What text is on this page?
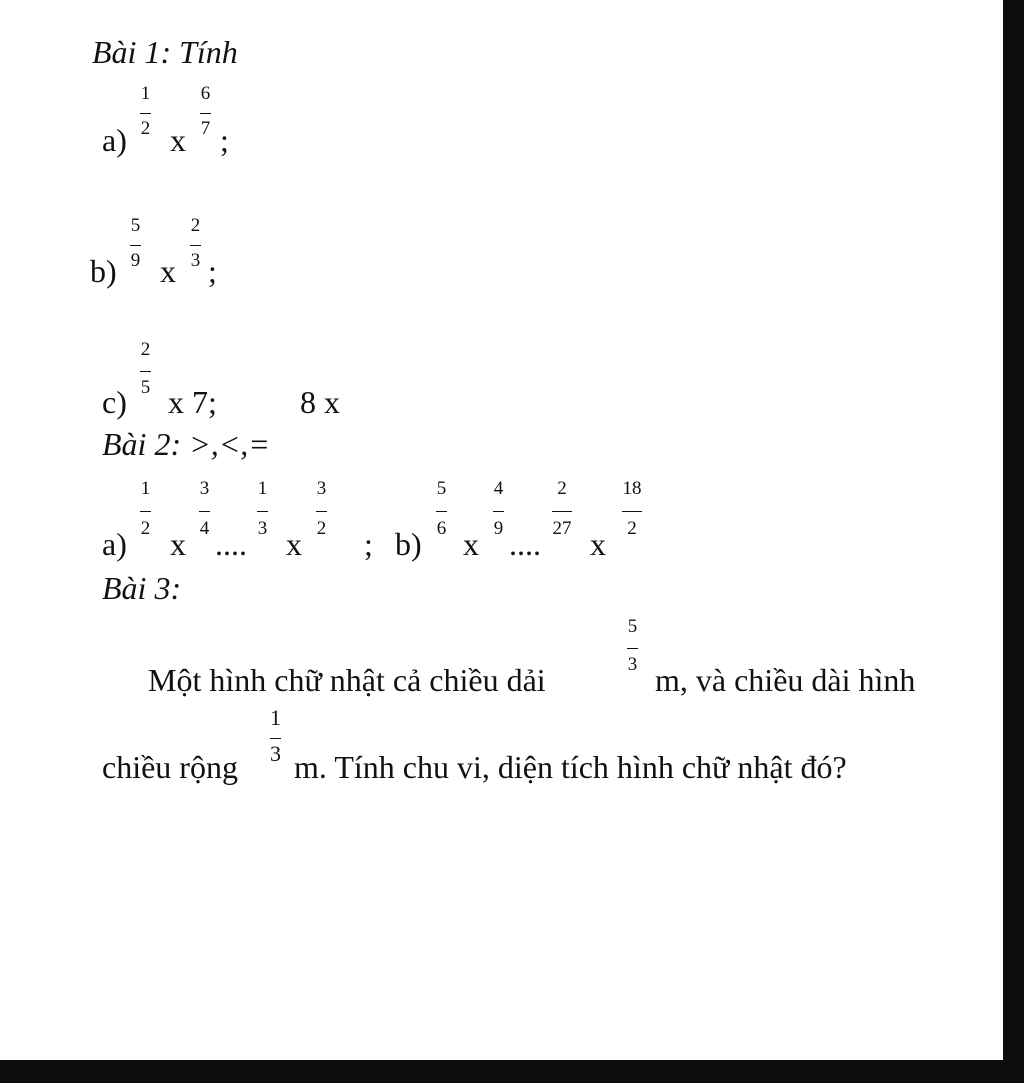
Bài 1: Tính
a)
1
2 x
6
7 ;
b)
5
9 x
2
3 ;
c)
2
5 x 7;	8 x
Bài 2: >,<,=
a)
1
2 x
3
4 ....
1
3 x
3
2 ; b)
5
6 x
4
9 ....
2
27 x
18
2
Bài 3:
Một hình chữ nhật cả chiều dải
5
3 m, và chiều dài hình
chiều rộng
1
3 m. Tính chu vi, diện tích hình chữ nhật đó?
